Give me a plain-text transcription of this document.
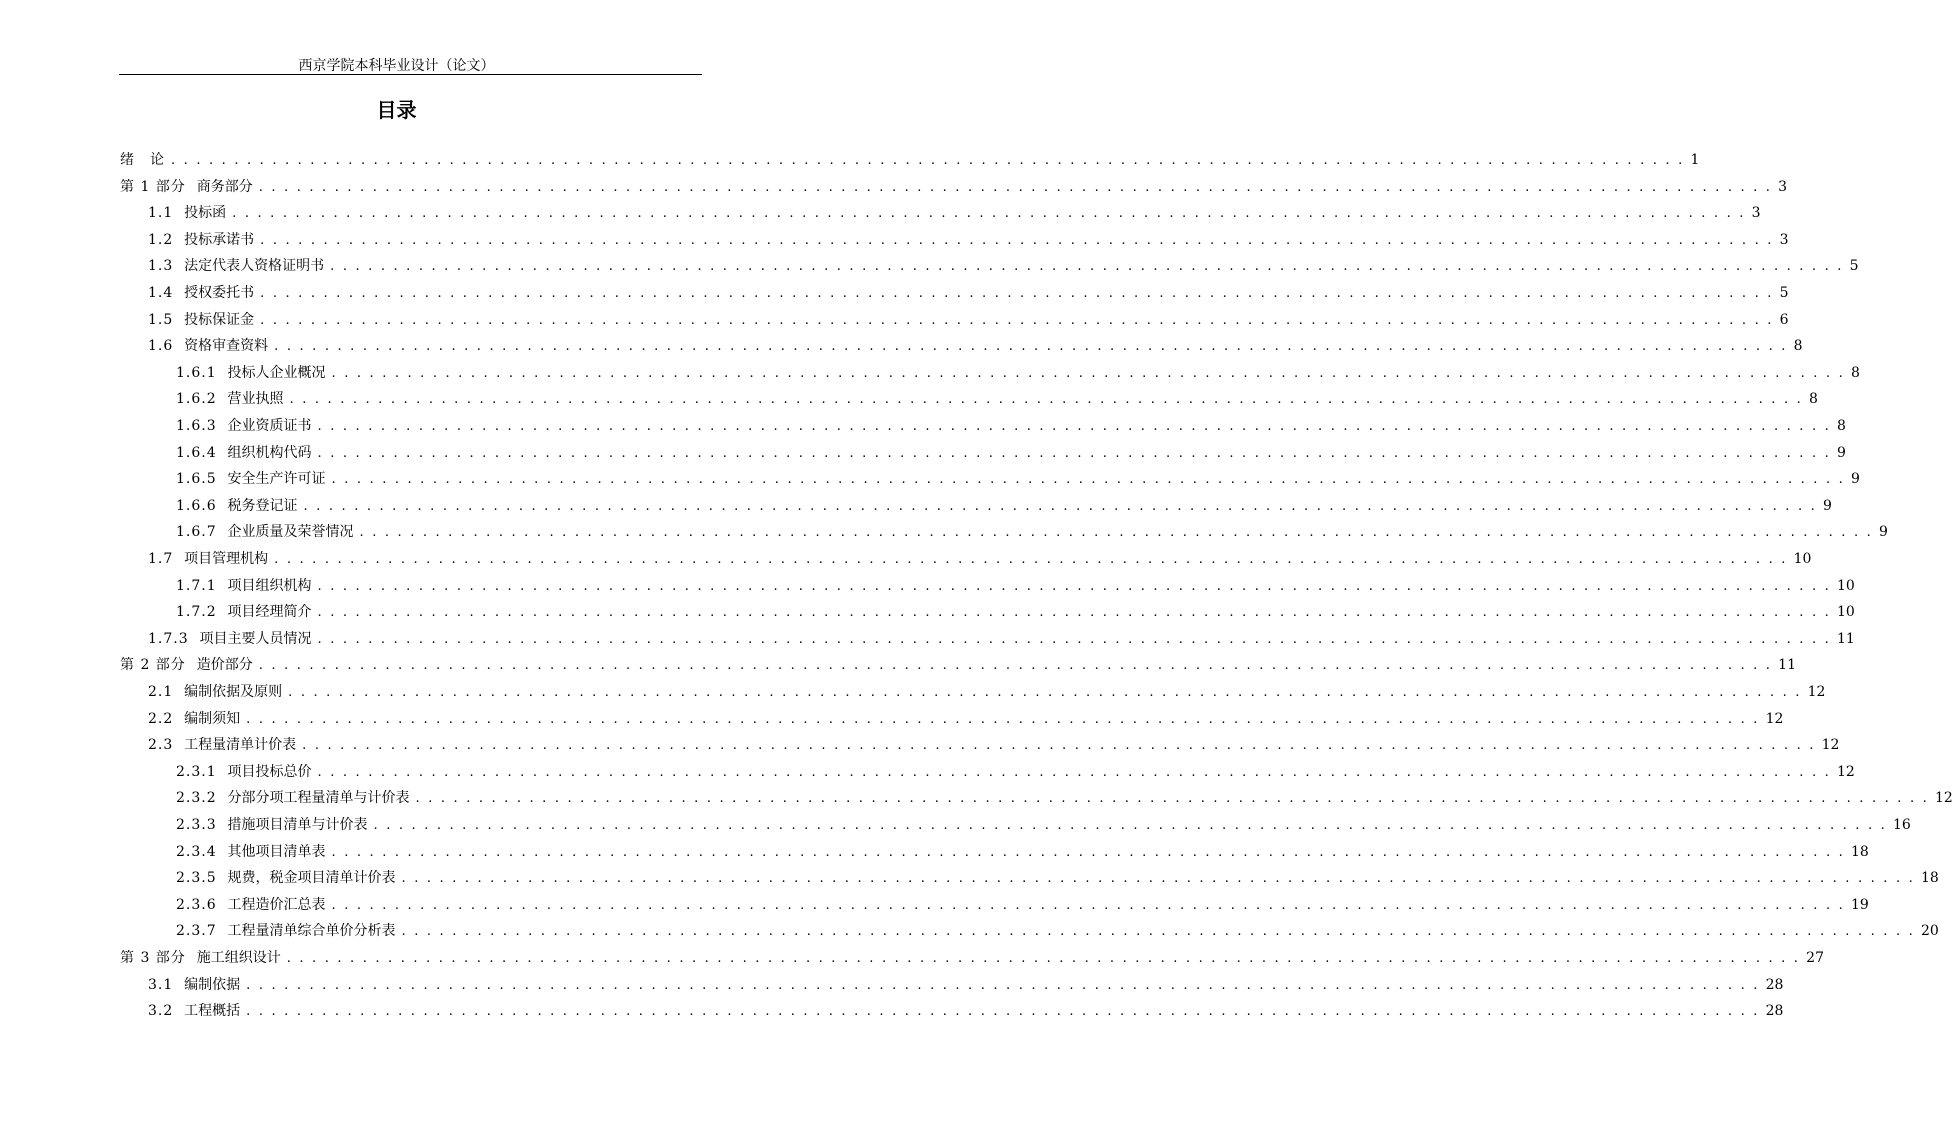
西京学院本科毕业设计（论文）
目录
绪　论 . . . . . . . . . . . . . . . . . . . . . . . . . . . . . . . . . . . . . . . . . . . . . . . . . . . . . . . . . . . . . . . . . . . . . . . . . . . . . . . . . . . . . . . . . . . . . . . . . . . . . . . . . . . . . . . . . . . . . . . . 1
第 1 部分 商务部分 . . . . . . . . . . . . . . . . . . . . . . . . . . . . . . . . . . . . . . . . . . . . . . . . . . . . . . . . . . . . . . . . . . . . . . . . . . . . . . . . . . . . . . . . . . . . . . . . . . . . . . . . . . . . . . . . . . . . . . . . 3
1.1 投标函 . . . . . . . . . . . . . . . . . . . . . . . . . . . . . . . . . . . . . . . . . . . . . . . . . . . . . . . . . . . . . . . . . . . . . . . . . . . . . . . . . . . . . . . . . . . . . . . . . . . . . . . . . . . . . . . . . . . . . . . . 3
1.2 投标承诺书 . . . . . . . . . . . . . . . . . . . . . . . . . . . . . . . . . . . . . . . . . . . . . . . . . . . . . . . . . . . . . . . . . . . . . . . . . . . . . . . . . . . . . . . . . . . . . . . . . . . . . . . . . . . . . . . . . . . . . . . . 3
1.3 法定代表人资格证明书 . . . . . . . . . . . . . . . . . . . . . . . . . . . . . . . . . . . . . . . . . . . . . . . . . . . . . . . . . . . . . . . . . . . . . . . . . . . . . . . . . . . . . . . . . . . . . . . . . . . . . . . . . . . . . . . . . . . . . . . . 5
1.4 授权委托书 . . . . . . . . . . . . . . . . . . . . . . . . . . . . . . . . . . . . . . . . . . . . . . . . . . . . . . . . . . . . . . . . . . . . . . . . . . . . . . . . . . . . . . . . . . . . . . . . . . . . . . . . . . . . . . . . . . . . . . . . 5
1.5 投标保证金 . . . . . . . . . . . . . . . . . . . . . . . . . . . . . . . . . . . . . . . . . . . . . . . . . . . . . . . . . . . . . . . . . . . . . . . . . . . . . . . . . . . . . . . . . . . . . . . . . . . . . . . . . . . . . . . . . . . . . . . . 6
1.6 资格审查资料 . . . . . . . . . . . . . . . . . . . . . . . . . . . . . . . . . . . . . . . . . . . . . . . . . . . . . . . . . . . . . . . . . . . . . . . . . . . . . . . . . . . . . . . . . . . . . . . . . . . . . . . . . . . . . . . . . . . . . . . . 8
1.6.1 投标人企业概况 . . . . . . . . . . . . . . . . . . . . . . . . . . . . . . . . . . . . . . . . . . . . . . . . . . . . . . . . . . . . . . . . . . . . . . . . . . . . . . . . . . . . . . . . . . . . . . . . . . . . . . . . . . . . . . . . . . . . . . . . 8
1.6.2 营业执照 . . . . . . . . . . . . . . . . . . . . . . . . . . . . . . . . . . . . . . . . . . . . . . . . . . . . . . . . . . . . . . . . . . . . . . . . . . . . . . . . . . . . . . . . . . . . . . . . . . . . . . . . . . . . . . . . . . . . . . . . 8
1.6.3 企业资质证书 . . . . . . . . . . . . . . . . . . . . . . . . . . . . . . . . . . . . . . . . . . . . . . . . . . . . . . . . . . . . . . . . . . . . . . . . . . . . . . . . . . . . . . . . . . . . . . . . . . . . . . . . . . . . . . . . . . . . . . . . 8
1.6.4 组织机构代码 . . . . . . . . . . . . . . . . . . . . . . . . . . . . . . . . . . . . . . . . . . . . . . . . . . . . . . . . . . . . . . . . . . . . . . . . . . . . . . . . . . . . . . . . . . . . . . . . . . . . . . . . . . . . . . . . . . . . . . . . 9
1.6.5 安全生产许可证 . . . . . . . . . . . . . . . . . . . . . . . . . . . . . . . . . . . . . . . . . . . . . . . . . . . . . . . . . . . . . . . . . . . . . . . . . . . . . . . . . . . . . . . . . . . . . . . . . . . . . . . . . . . . . . . . . . . . . . . . 9
1.6.6 税务登记证 . . . . . . . . . . . . . . . . . . . . . . . . . . . . . . . . . . . . . . . . . . . . . . . . . . . . . . . . . . . . . . . . . . . . . . . . . . . . . . . . . . . . . . . . . . . . . . . . . . . . . . . . . . . . . . . . . . . . . . . . 9
1.6.7 企业质量及荣誉情况 . . . . . . . . . . . . . . . . . . . . . . . . . . . . . . . . . . . . . . . . . . . . . . . . . . . . . . . . . . . . . . . . . . . . . . . . . . . . . . . . . . . . . . . . . . . . . . . . . . . . . . . . . . . . . . . . . . . . . . . . 9
1.7 项目管理机构 . . . . . . . . . . . . . . . . . . . . . . . . . . . . . . . . . . . . . . . . . . . . . . . . . . . . . . . . . . . . . . . . . . . . . . . . . . . . . . . . . . . . . . . . . . . . . . . . . . . . . . . . . . . . . . . . . . . . . . . . 10
1.7.1 项目组织机构 . . . . . . . . . . . . . . . . . . . . . . . . . . . . . . . . . . . . . . . . . . . . . . . . . . . . . . . . . . . . . . . . . . . . . . . . . . . . . . . . . . . . . . . . . . . . . . . . . . . . . . . . . . . . . . . . . . . . . . . . 10
1.7.2 项目经理简介 . . . . . . . . . . . . . . . . . . . . . . . . . . . . . . . . . . . . . . . . . . . . . . . . . . . . . . . . . . . . . . . . . . . . . . . . . . . . . . . . . . . . . . . . . . . . . . . . . . . . . . . . . . . . . . . . . . . . . . . . 10
1.7.3 项目主要人员情况 . . . . . . . . . . . . . . . . . . . . . . . . . . . . . . . . . . . . . . . . . . . . . . . . . . . . . . . . . . . . . . . . . . . . . . . . . . . . . . . . . . . . . . . . . . . . . . . . . . . . . . . . . . . . . . . . . . . . . . . . 11
第 2 部分 造价部分 . . . . . . . . . . . . . . . . . . . . . . . . . . . . . . . . . . . . . . . . . . . . . . . . . . . . . . . . . . . . . . . . . . . . . . . . . . . . . . . . . . . . . . . . . . . . . . . . . . . . . . . . . . . . . . . . . . . . . . . . 11
2.1 编制依据及原则 . . . . . . . . . . . . . . . . . . . . . . . . . . . . . . . . . . . . . . . . . . . . . . . . . . . . . . . . . . . . . . . . . . . . . . . . . . . . . . . . . . . . . . . . . . . . . . . . . . . . . . . . . . . . . . . . . . . . . . . . 12
2.2 编制须知 . . . . . . . . . . . . . . . . . . . . . . . . . . . . . . . . . . . . . . . . . . . . . . . . . . . . . . . . . . . . . . . . . . . . . . . . . . . . . . . . . . . . . . . . . . . . . . . . . . . . . . . . . . . . . . . . . . . . . . . . 12
2.3 工程量清单计价表 . . . . . . . . . . . . . . . . . . . . . . . . . . . . . . . . . . . . . . . . . . . . . . . . . . . . . . . . . . . . . . . . . . . . . . . . . . . . . . . . . . . . . . . . . . . . . . . . . . . . . . . . . . . . . . . . . . . . . . . . 12
2.3.1 项目投标总价 . . . . . . . . . . . . . . . . . . . . . . . . . . . . . . . . . . . . . . . . . . . . . . . . . . . . . . . . . . . . . . . . . . . . . . . . . . . . . . . . . . . . . . . . . . . . . . . . . . . . . . . . . . . . . . . . . . . . . . . . 12
2.3.2 分部分项工程量清单与计价表 . . . . . . . . . . . . . . . . . . . . . . . . . . . . . . . . . . . . . . . . . . . . . . . . . . . . . . . . . . . . . . . . . . . . . . . . . . . . . . . . . . . . . . . . . . . . . . . . . . . . . . . . . . . . . . . . . . . . . . . . 12
2.3.3 措施项目清单与计价表 . . . . . . . . . . . . . . . . . . . . . . . . . . . . . . . . . . . . . . . . . . . . . . . . . . . . . . . . . . . . . . . . . . . . . . . . . . . . . . . . . . . . . . . . . . . . . . . . . . . . . . . . . . . . . . . . . . . . . . . . 16
2.3.4 其他项目清单表 . . . . . . . . . . . . . . . . . . . . . . . . . . . . . . . . . . . . . . . . . . . . . . . . . . . . . . . . . . . . . . . . . . . . . . . . . . . . . . . . . . . . . . . . . . . . . . . . . . . . . . . . . . . . . . . . . . . . . . . . 18
2.3.5 规费，税金项目清单计价表 . . . . . . . . . . . . . . . . . . . . . . . . . . . . . . . . . . . . . . . . . . . . . . . . . . . . . . . . . . . . . . . . . . . . . . . . . . . . . . . . . . . . . . . . . . . . . . . . . . . . . . . . . . . . . . . . . . . . . . . . 18
2.3.6 工程造价汇总表 . . . . . . . . . . . . . . . . . . . . . . . . . . . . . . . . . . . . . . . . . . . . . . . . . . . . . . . . . . . . . . . . . . . . . . . . . . . . . . . . . . . . . . . . . . . . . . . . . . . . . . . . . . . . . . . . . . . . . . . . 19
2.3.7 工程量清单综合单价分析表 . . . . . . . . . . . . . . . . . . . . . . . . . . . . . . . . . . . . . . . . . . . . . . . . . . . . . . . . . . . . . . . . . . . . . . . . . . . . . . . . . . . . . . . . . . . . . . . . . . . . . . . . . . . . . . . . . . . . . . . . 20
第 3 部分 施工组织设计 . . . . . . . . . . . . . . . . . . . . . . . . . . . . . . . . . . . . . . . . . . . . . . . . . . . . . . . . . . . . . . . . . . . . . . . . . . . . . . . . . . . . . . . . . . . . . . . . . . . . . . . . . . . . . . . . . . . . . . . . 27
3.1 编制依据 . . . . . . . . . . . . . . . . . . . . . . . . . . . . . . . . . . . . . . . . . . . . . . . . . . . . . . . . . . . . . . . . . . . . . . . . . . . . . . . . . . . . . . . . . . . . . . . . . . . . . . . . . . . . . . . . . . . . . . . . 28
3.2 工程概括 . . . . . . . . . . . . . . . . . . . . . . . . . . . . . . . . . . . . . . . . . . . . . . . . . . . . . . . . . . . . . . . . . . . . . . . . . . . . . . . . . . . . . . . . . . . . . . . . . . . . . . . . . . . . . . . . . . . . . . . . 28
